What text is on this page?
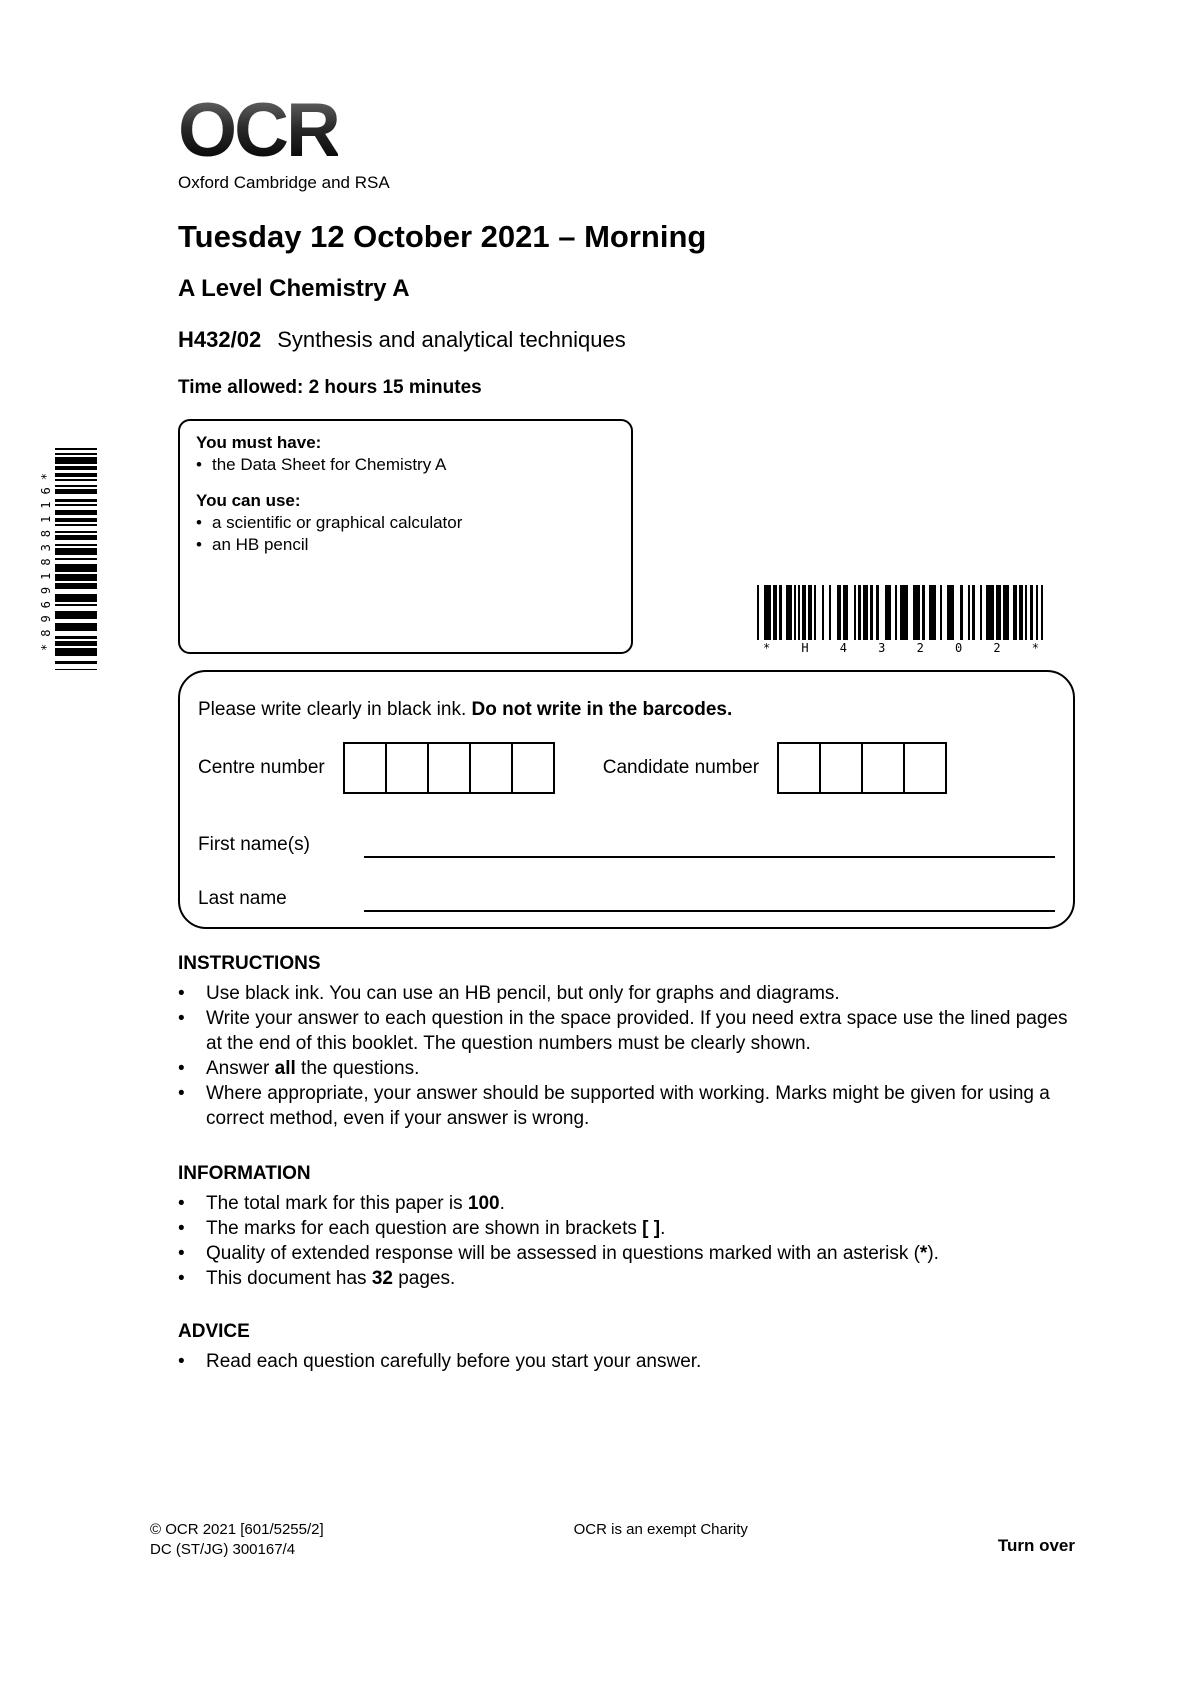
*89691838116*	*	H	4	3	2	0	2	*
OCR
Oxford Cambridge and RSA
Tuesday 12 October 2021 – Morning
A Level Chemistry A
H432/02 Synthesis and analytical techniques
Time allowed: 2 hours 15 minutes
You must have:
• the Data Sheet for Chemistry A
You can use:
• a scientific or graphical calculator
• an HB pencil
Please write clearly in black ink. Do not write in the barcodes.
Centre number	Candidate number
First name(s)
Last name
INSTRUCTIONS
•	Use black ink. You can use an HB pencil, but only for graphs and diagrams.
•	Write your answer to each question in the space provided. If you need extra space use the lined pages at the end of this booklet. The question numbers must be clearly shown.
•	Answer all the questions.
•	Where appropriate, your answer should be supported with working. Marks might be given for using a correct method, even if your answer is wrong.
INFORMATION
•	The total mark for this paper is 100.
•	The marks for each question are shown in brackets [ ].
•	Quality of extended response will be assessed in questions marked with an asterisk (*).
•	This document has 32 pages.
ADVICE
•	Read each question carefully before you start your answer.
© OCR 2021 [601/5255/2]
DC (ST/JG) 300167/4
OCR is an exempt Charity
Turn over
